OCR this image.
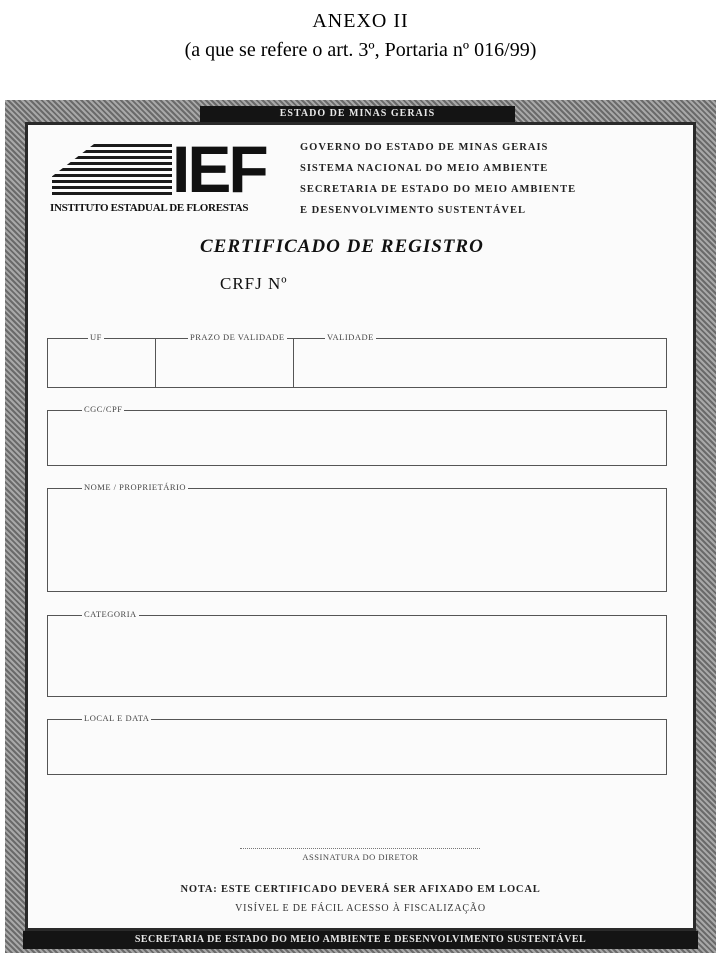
ANEXO II
(a que se refere o art. 3º, Portaria nº 016/99)
ESTADO DE MINAS GERAIS
SECRETARIA DE ESTADO DO MEIO AMBIENTE E DESENVOLVIMENTO SUSTENTÁVEL
IEF
INSTITUTO ESTADUAL DE FLORESTAS
GOVERNO DO ESTADO DE MINAS GERAIS
SISTEMA NACIONAL DO MEIO AMBIENTE
SECRETARIA DE ESTADO DO MEIO AMBIENTE
E DESENVOLVIMENTO SUSTENTÁVEL
CERTIFICADO DE REGISTRO
CRFJ Nº
UF	PRAZO DE VALIDADE	VALIDADE
CGC/CPF
NOME / PROPRIETÁRIO
CATEGORIA
LOCAL E DATA
ASSINATURA DO DIRETOR
NOTA: ESTE CERTIFICADO DEVERÁ SER AFIXADO EM LOCAL
VISÍVEL E DE FÁCIL ACESSO À FISCALIZAÇÃO
